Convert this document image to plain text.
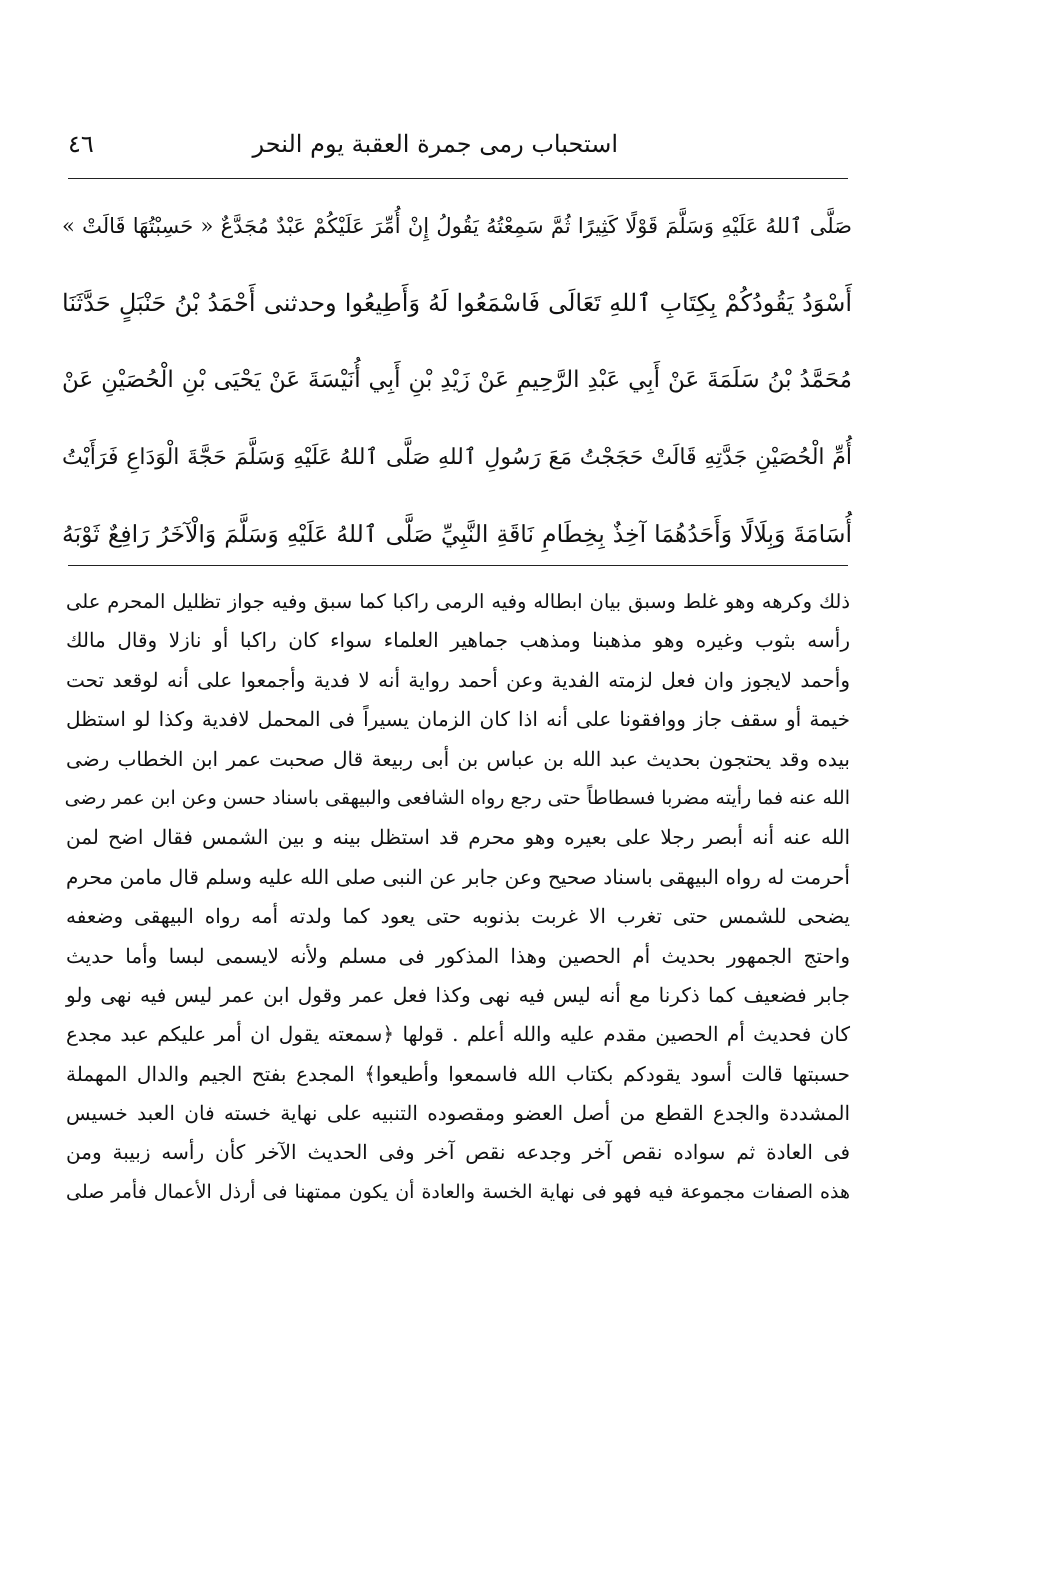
استحباب رمى جمرة العقبة يوم النحر
٤٦
صَلَّى ٱللهُ عَلَيْهِ وَسَلَّمَ قَوْلًا كَثِيرًا ثُمَّ سَمِعْتُهُ يَقُولُ إِنْ أُمِّرَ عَلَيْكُمْ عَبْدٌ مُجَدَّعٌ « حَسِبْتُهَا قَالَتْ »
أَسْوَدُ يَقُودُكُمْ بِكِتَابِ ٱللهِ تَعَالَى فَاسْمَعُوا لَهُ وَأَطِيعُوا وحدثنى أَحْمَدُ بْنُ حَنْبَلٍ حَدَّثَنَا
مُحَمَّدُ بْنُ سَلَمَةَ عَنْ أَبِي عَبْدِ الرَّحِيمِ عَنْ زَيْدِ بْنِ أَبِي أُنَيْسَةَ عَنْ يَحْيَى بْنِ الْحُصَيْنِ عَنْ
أُمِّ الْحُصَيْنِ جَدَّتِهِ قَالَتْ حَجَجْتُ مَعَ رَسُولِ ٱللهِ صَلَّى ٱللهُ عَلَيْهِ وَسَلَّمَ حَجَّةَ الْوَدَاعِ فَرَأَيْتُ
أُسَامَةَ وَبِلَالًا وَأَحَدُهُمَا آخِذٌ بِخِطَامِ نَاقَةِ النَّبِيِّ صَلَّى ٱللهُ عَلَيْهِ وَسَلَّمَ وَالْآخَرُ رَافِعٌ ثَوْبَهُ
ذلك وكرهه وهو غلط وسبق بيان ابطاله وفيه الرمى راكبا كما سبق وفيه جواز تظليل المحرم على
رأسه بثوب وغيره وهو مذهبنا ومذهب جماهير العلماء سواء كان راكبا أو نازلا وقال مالك
وأحمد لايجوز وان فعل لزمته الفدية وعن أحمد رواية أنه لا فدية وأجمعوا على أنه لوقعد تحت
خيمة أو سقف جاز ووافقونا على أنه اذا كان الزمان يسيراً فى المحمل لافدية وكذا لو استظل
بيده وقد يحتجون بحديث عبد الله بن عباس بن أبى ربيعة قال صحبت عمر ابن الخطاب رضى
الله عنه فما رأيته مضربا فسطاطاً حتى رجع رواه الشافعى والبيهقى باسناد حسن وعن ابن عمر رضى
الله عنه أنه أبصر رجلا على بعيره وهو محرم قد استظل بينه و بين الشمس فقال اضح لمن
أحرمت له رواه البيهقى باسناد صحيح وعن جابر عن النبى صلى الله عليه وسلم قال مامن محرم
يضحى للشمس حتى تغرب الا غربت بذنوبه حتى يعود كما ولدته أمه رواه البيهقى وضعفه
واحتج الجمهور بحديث أم الحصين وهذا المذكور فى مسلم ولأنه لايسمى لبسا وأما حديث
جابر فضعيف كما ذكرنا مع أنه ليس فيه نهى وكذا فعل عمر وقول ابن عمر ليس فيه نهى ولو
كان فحديث أم الحصين مقدم عليه والله أعلم . قولها ﴿سمعته يقول ان أمر عليكم عبد مجدع
حسبتها قالت أسود يقودكم بكتاب الله فاسمعوا وأطيعوا﴾ المجدع بفتح الجيم والدال المهملة
المشددة والجدع القطع من أصل العضو ومقصوده التنبيه على نهاية خسته فان العبد خسيس
فى العادة ثم سواده نقص آخر وجدعه نقص آخر وفى الحديث الآخر كأن رأسه زبيبة ومن
هذه الصفات مجموعة فيه فهو فى نهاية الخسة والعادة أن يكون ممتهنا فى أرذل الأعمال فأمر صلى
